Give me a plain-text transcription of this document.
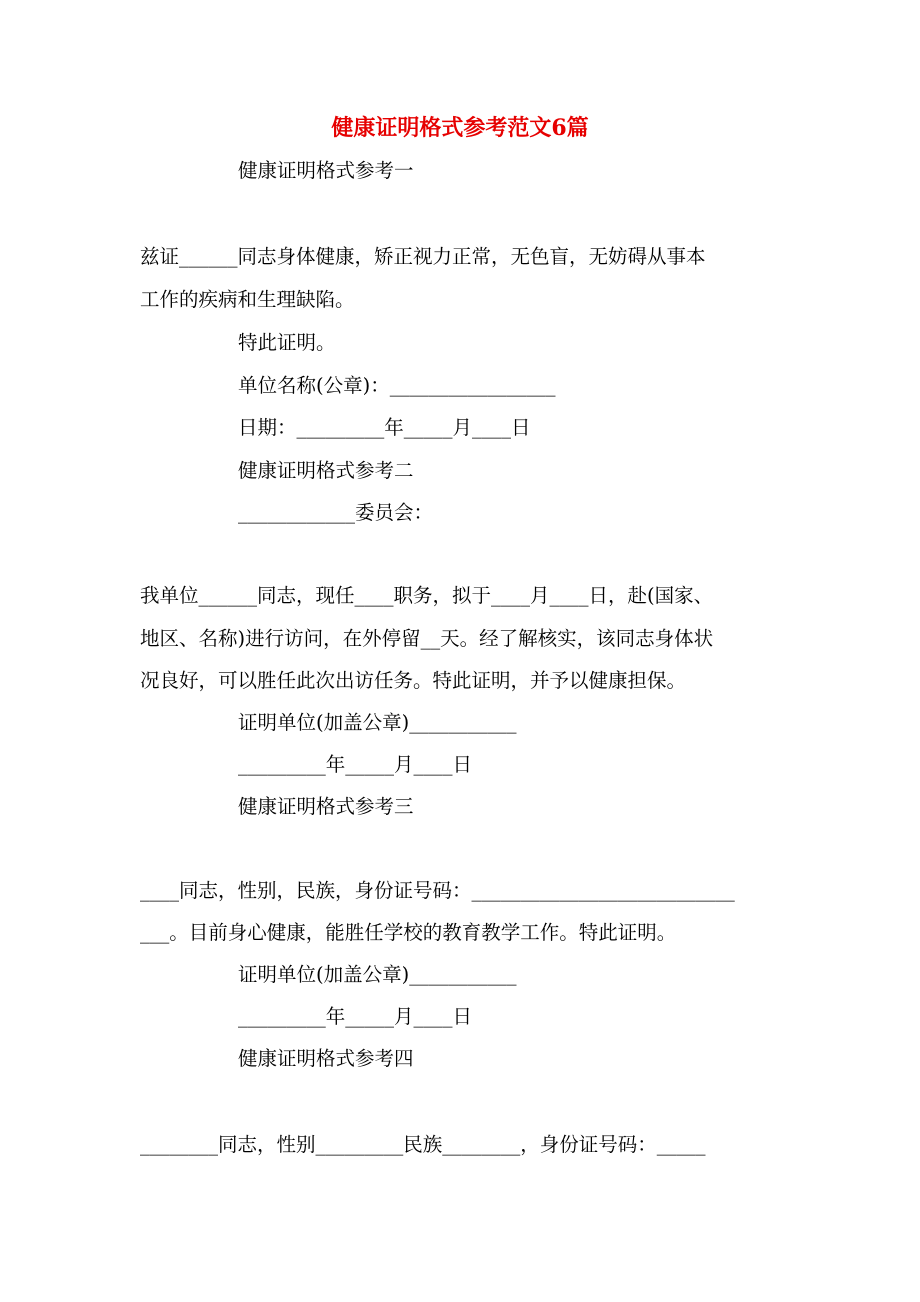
健康证明格式参考范文6篇
健康证明格式参考一
兹证______同志身体健康，矫正视力正常，无色盲，无妨碍从事本
工作的疾病和生理缺陷。
特此证明。
单位名称(公章)：_________________
日期：_________年_____月____日
健康证明格式参考二
____________委员会：
我单位______同志，现任____职务，拟于____月____日，赴(国家、
地区、名称)进行访问，在外停留__天。经了解核实，该同志身体状
况良好，可以胜任此次出访任务。特此证明，并予以健康担保。
证明单位(加盖公章)___________
_________年_____月____日
健康证明格式参考三
____同志，性别，民族，身份证号码：___________________________
___。目前身心健康，能胜任学校的教育教学工作。特此证明。
证明单位(加盖公章)___________
_________年_____月____日
健康证明格式参考四
________同志，性别_________民族________，身份证号码：_____
